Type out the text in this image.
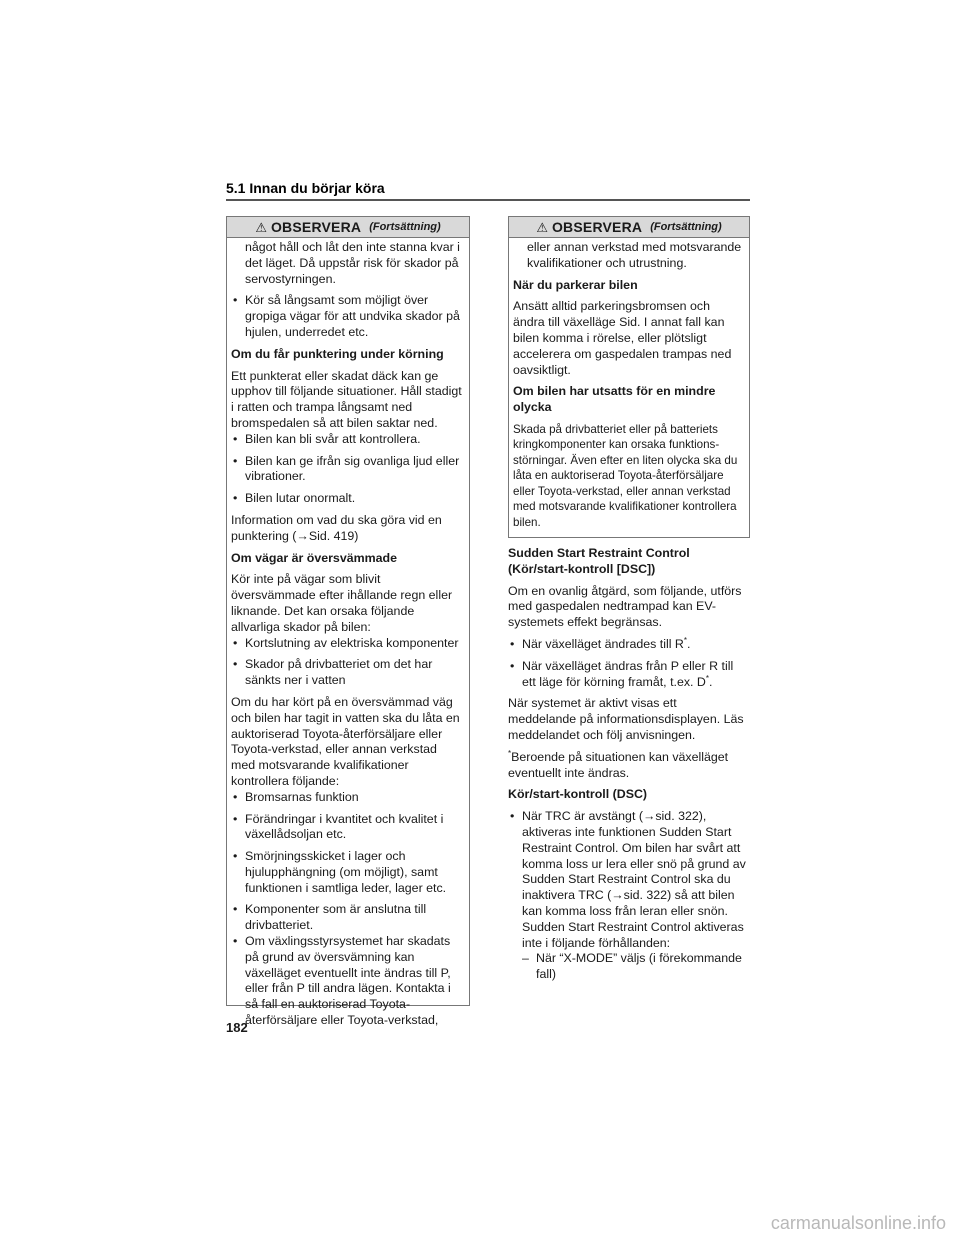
5.1 Innan du börjar köra
⚠ OBSERVERA (Fortsättning)

något håll och låt den inte stanna kvar i det läget. Då uppstår risk för skador på servostyrningen.

• Kör så långsamt som möjligt över gropiga vägar för att undvika skador på hjulen, underredet etc.

Om du får punktering under körning

Ett punkterat eller skadat däck kan ge upphov till följande situationer. Håll stadigt i ratten och trampa långsamt ned bromspedalen så att bilen saktar ned.

• Bilen kan bli svår att kontrollera.

• Bilen kan ge ifrån sig ovanliga ljud eller vibrationer.

• Bilen lutar onormalt.

Information om vad du ska göra vid en punktering (→Sid. 419)

Om vägar är översvämmade

Kör inte på vägar som blivit översvämmade efter ihållande regn eller liknande. Det kan orsaka följande allvarliga skador på bilen:

• Kortslutning av elektriska komponenter

• Skador på drivbatteriet om det har sänkts ner i vatten

Om du har kört på en översvämmad väg och bilen har tagit in vatten ska du låta en auktoriserad Toyota-återförsäljare eller Toyota-verkstad, eller annan verkstad med motsvarande kvalifikationer kontrollera följande:

• Bromsarnas funktion

• Förändringar i kvantitet och kvalitet i växellådsoljan etc.

• Smörjningsskicket i lager och hjulupphängning (om möjligt), samt funktionen i samtliga leder, lager etc.

• Komponenter som är anslutna till drivbatteriet.

• Om växlingsstyrsystemet har skadats på grund av översvämning kan växelläget eventuellt inte ändras till P, eller från P till andra lägen. Kontakta i så fall en auktoriserad Toyota-återförsäljare eller Toyota-verkstad,

⚠ OBSERVERA (Fortsättning)

eller annan verkstad med motsvarande kvalifikationer och utrustning.

När du parkerar bilen

Ansätt alltid parkeringsbromsen och ändra till växelläge Sid. I annat fall kan bilen komma i rörelse, eller plötsligt accelerera om gaspedalen trampas ned oavsiktligt.

Om bilen har utsatts för en mindre olycka

Skada på drivbatteriet eller på batteriets kringkomponenter kan orsaka funktions-störningar. Även efter en liten olycka ska du låta en auktoriserad Toyota-återförsäljare eller Toyota-verkstad, eller annan verkstad med motsvarande kvalifikationer kontrollera bilen.

Sudden Start Restraint Control (Kör/start-kontroll [DSC])

Om en ovanlig åtgärd, som följande, utförs med gaspedalen nedtrampad kan EV-systemets effekt begränsas.

• När växelläget ändrades till R*.

• När växelläget ändras från P eller R till ett läge för körning framåt, t.ex. D*.

När systemet är aktivt visas ett meddelande på informationsdisplayen. Läs meddelandet och följ anvisningen.

*Beroende på situationen kan växelläget eventuellt inte ändras.

Kör/start-kontroll (DSC)

• När TRC är avstängt (→sid. 322), aktiveras inte funktionen Sudden Start Restraint Control. Om bilen har svårt att komma loss ur lera eller snö på grund av Sudden Start Restraint Control ska du inaktivera TRC (→sid. 322) så att bilen kan komma loss från leran eller snön. Sudden Start Restraint Control aktiveras inte i följande förhållanden:

– När “X-MODE” väljs (i förekommande fall)

182
carmanualsonline.info
